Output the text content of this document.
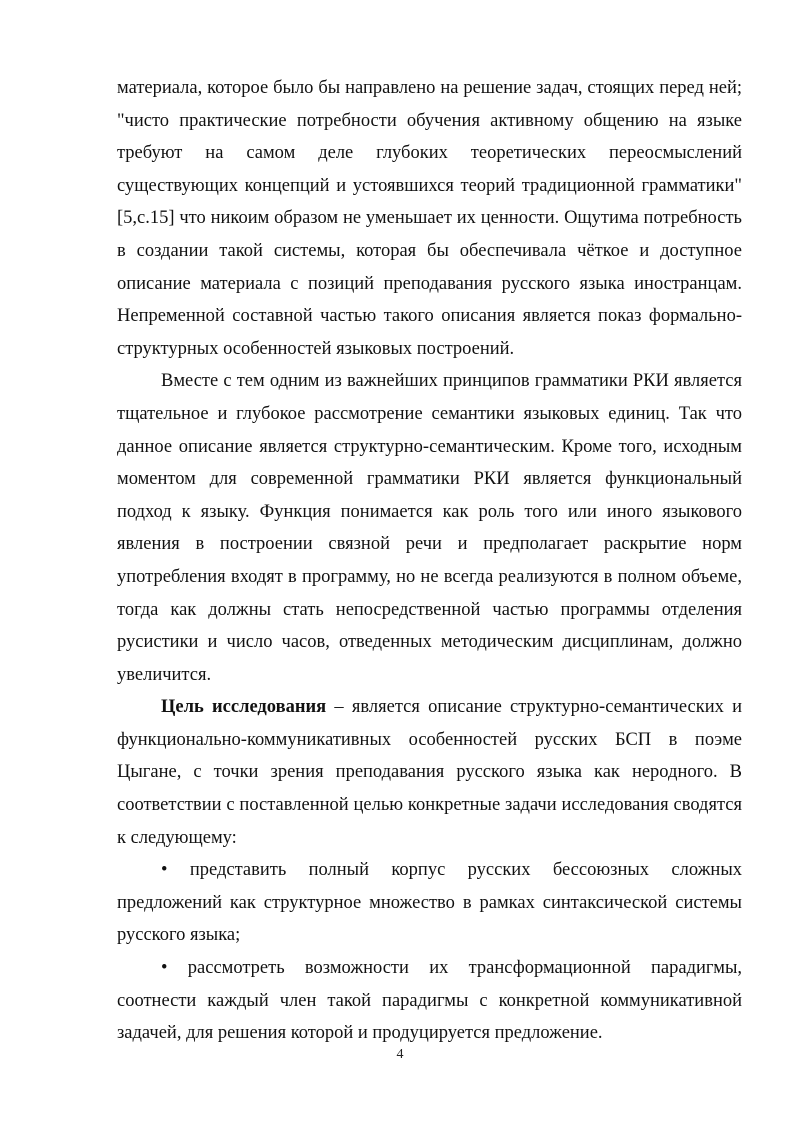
материала, которое было бы направлено на решение задач, стоящих перед ней; "чисто практические потребности обучения активному общению на языке требуют на самом деле глубоких теоретических переосмыслений существующих концепций и устоявшихся теорий традиционной грамматики" [5,с.15] что никоим образом не уменьшает их ценности. Ощутима потребность в создании такой системы, которая бы обеспечивала чёткое и доступное описание материала с позиций преподавания русского языка иностранцам. Непременной составной частью такого описания является показ формально-структурных особенностей языковых построений.

Вместе с тем одним из важнейших принципов грамматики РКИ является тщательное и глубокое рассмотрение семантики языковых единиц. Так что данное описание является структурно-семантическим. Кроме того, исходным моментом для современной грамматики РКИ является функциональный подход к языку. Функция понимается как роль того или иного языкового явления в построении связной речи и предполагает раскрытие норм употребления входят в программу, но не всегда реализуются в полном объеме, тогда как должны стать непосредственной частью программы отделения русистики и число часов, отведенных методическим дисциплинам, должно увеличится.

Цель исследования – является описание структурно-семантических и функционально-коммуникативных особенностей русских БСП в поэме Цыгане, с точки зрения преподавания русского языка как неродного. В соответствии с поставленной целью конкретные задачи исследования сводятся к следующему:

• представить полный корпус русских бессоюзных сложных предложений как структурное множество в рамках синтаксической системы русского языка;

• рассмотреть возможности их трансформационной парадигмы, соотнести каждый член такой парадигмы с конкретной коммуникативной задачей, для решения которой и продуцируется предложение.

4
